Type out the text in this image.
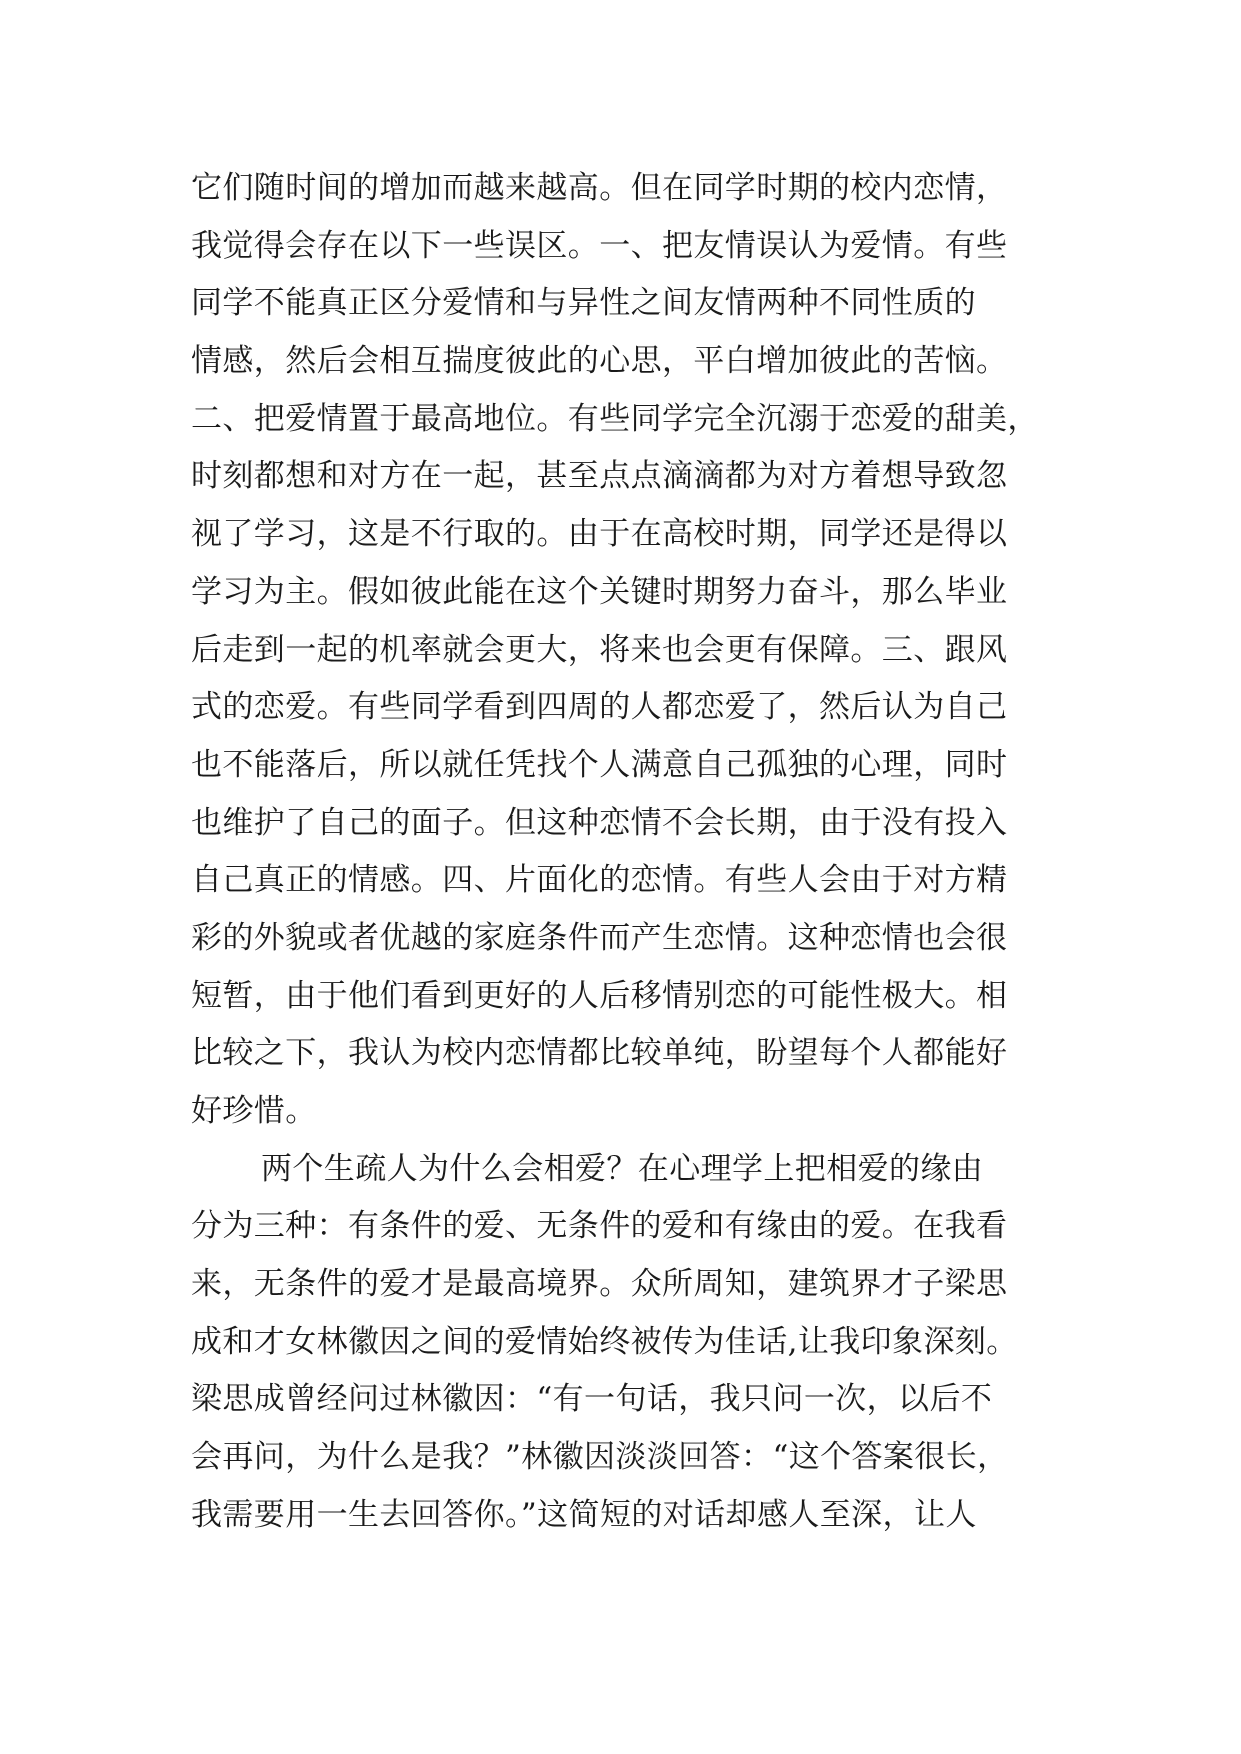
它们随时间的增加而越来越高。但在同学时期的校内恋情，
我觉得会存在以下一些误区。一、把友情误认为爱情。有些
同学不能真正区分爱情和与异性之间友情两种不同性质的
情感，然后会相互揣度彼此的心思，平白增加彼此的苦恼。
二、把爱情置于最高地位。有些同学完全沉溺于恋爱的甜美，
时刻都想和对方在一起，甚至点点滴滴都为对方着想导致忽
视了学习，这是不行取的。由于在高校时期，同学还是得以
学习为主。假如彼此能在这个关键时期努力奋斗，那么毕业
后走到一起的机率就会更大，将来也会更有保障。三、跟风
式的恋爱。有些同学看到四周的人都恋爱了，然后认为自己
也不能落后，所以就任凭找个人满意自己孤独的心理，同时
也维护了自己的面子。但这种恋情不会长期，由于没有投入
自己真正的情感。四、片面化的恋情。有些人会由于对方精
彩的外貌或者优越的家庭条件而产生恋情。这种恋情也会很
短暂，由于他们看到更好的人后移情别恋的可能性极大。相
比较之下，我认为校内恋情都比较单纯，盼望每个人都能好
好珍惜。
两个生疏人为什么会相爱？在心理学上把相爱的缘由
分为三种：有条件的爱、无条件的爱和有缘由的爱。在我看
来，无条件的爱才是最高境界。众所周知，建筑界才子梁思
成和才女林徽因之间的爱情始终被传为佳话,让我印象深刻。
梁思成曾经问过林徽因：“有一句话，我只问一次，以后不
会再问，为什么是我？”林徽因淡淡回答：“这个答案很长，
我需要用一生去回答你。”这简短的对话却感人至深，让人
